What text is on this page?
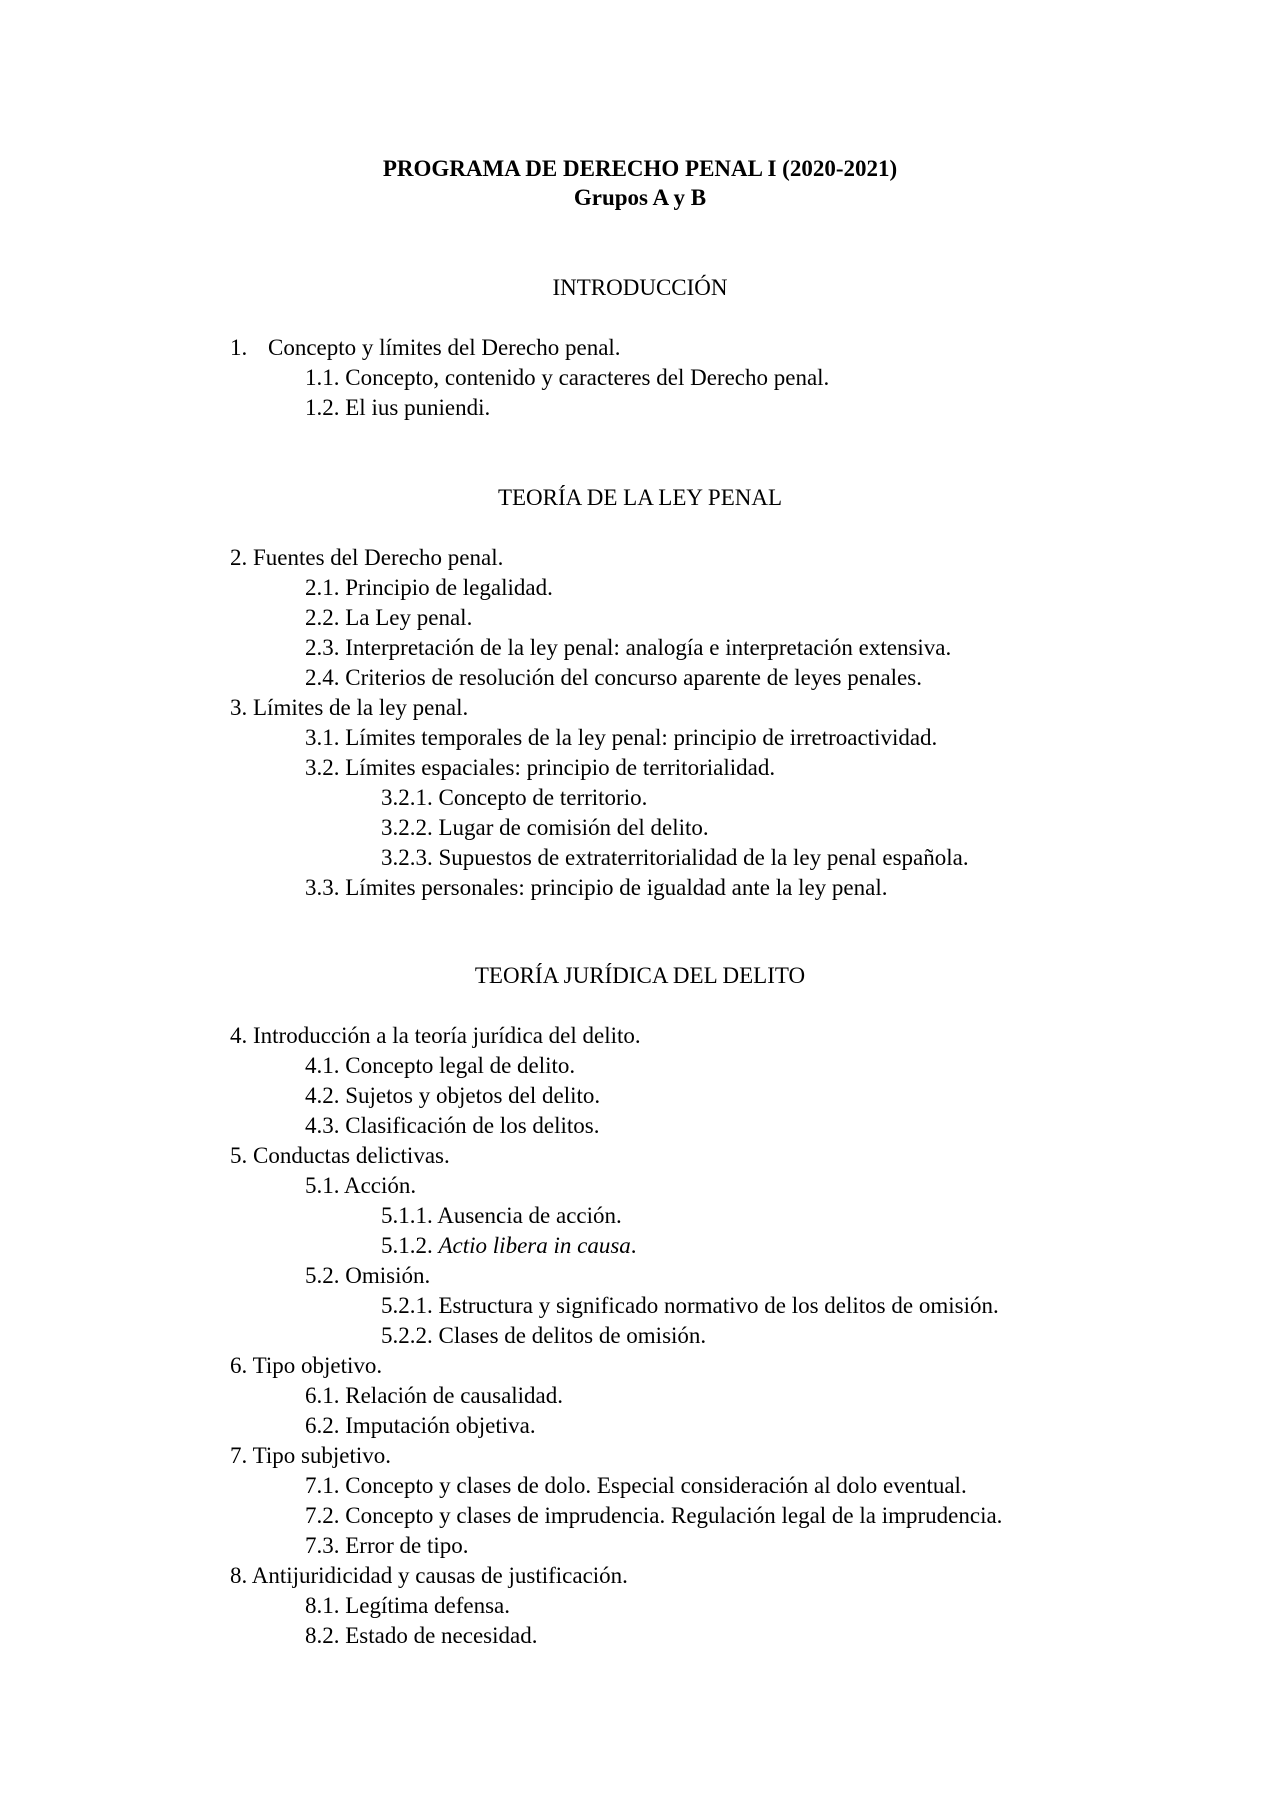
PROGRAMA DE DERECHO PENAL I (2020-2021)
Grupos A y B
INTRODUCCIÓN
1. Concepto y límites del Derecho penal.
1.1. Concepto, contenido y caracteres del Derecho penal.
1.2. El ius puniendi.
TEORÍA DE LA LEY PENAL
2. Fuentes del Derecho penal.
2.1. Principio de legalidad.
2.2. La Ley penal.
2.3. Interpretación de la ley penal: analogía e interpretación extensiva.
2.4. Criterios de resolución del concurso aparente de leyes penales.
3. Límites de la ley penal.
3.1. Límites temporales de la ley penal: principio de irretroactividad.
3.2. Límites espaciales: principio de territorialidad.
3.2.1. Concepto de territorio.
3.2.2. Lugar de comisión del delito.
3.2.3. Supuestos de extraterritorialidad de la ley penal española.
3.3. Límites personales: principio de igualdad ante la ley penal.
TEORÍA JURÍDICA DEL DELITO
4. Introducción a la teoría jurídica del delito.
4.1. Concepto legal de delito.
4.2. Sujetos y objetos del delito.
4.3. Clasificación de los delitos.
5. Conductas delictivas.
5.1. Acción.
5.1.1. Ausencia de acción.
5.1.2. Actio libera in causa.
5.2. Omisión.
5.2.1. Estructura y significado normativo de los delitos de omisión.
5.2.2. Clases de delitos de omisión.
6. Tipo objetivo.
6.1. Relación de causalidad.
6.2. Imputación objetiva.
7. Tipo subjetivo.
7.1. Concepto y clases de dolo. Especial consideración al dolo eventual.
7.2. Concepto y clases de imprudencia. Regulación legal de la imprudencia.
7.3. Error de tipo.
8. Antijuridicidad y causas de justificación.
8.1. Legítima defensa.
8.2. Estado de necesidad.
